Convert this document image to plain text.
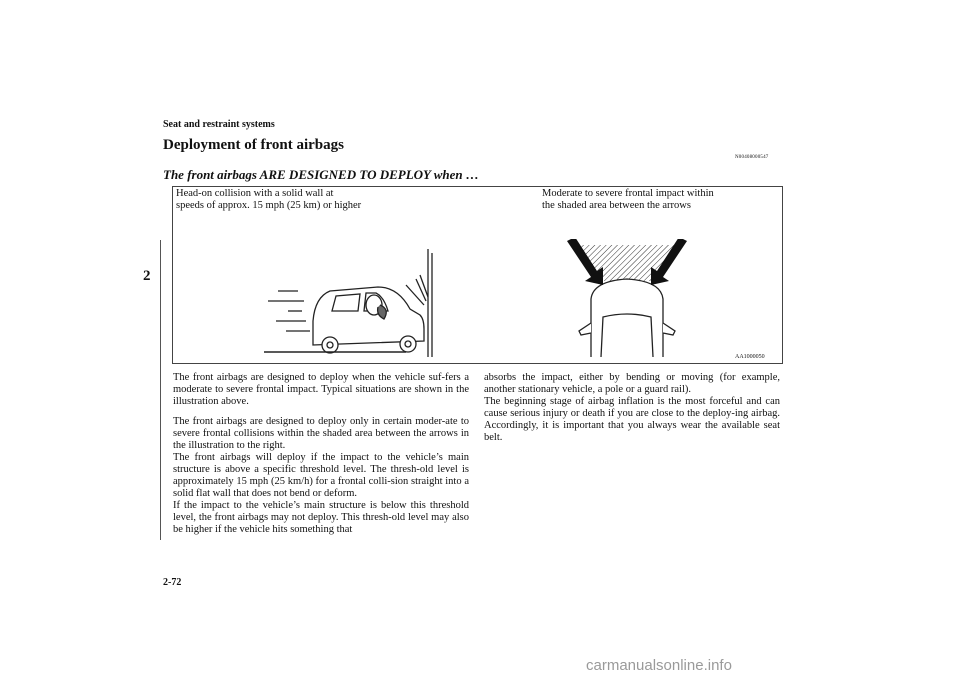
Seat and restraint systems
Deployment of front airbags
N00408000547
The front airbags ARE DESIGNED TO DEPLOY when …
2
Head-on collision with a solid wall at
speeds of approx. 15 mph (25 km) or higher
Moderate to severe frontal impact within
the shaded area between the arrows
AA1000050

The front airbags are designed to deploy when the vehicle suf-fers a moderate to severe frontal impact. Typical situations are shown in the illustration above.

The front airbags are designed to deploy only in certain moder-ate to severe frontal collisions within the shaded area between the arrows in the illustration to the right.

The front airbags will deploy if the impact to the vehicle’s main structure is above a specific threshold level. The thresh-old level is approximately 15 mph (25 km/h) for a frontal colli-sion straight into a solid flat wall that does not bend or deform.

If the impact to the vehicle’s main structure is below this threshold level, the front airbags may not deploy. This thresh-old level may also be higher if the vehicle hits something that

absorbs the impact, either by bending or moving (for example, another stationary vehicle, a pole or a guard rail).

The beginning stage of airbag inflation is the most forceful and can cause serious injury or death if you are close to the deploy-ing airbag. Accordingly, it is important that you always wear the available seat belt.

2-72
carmanualsonline.info
